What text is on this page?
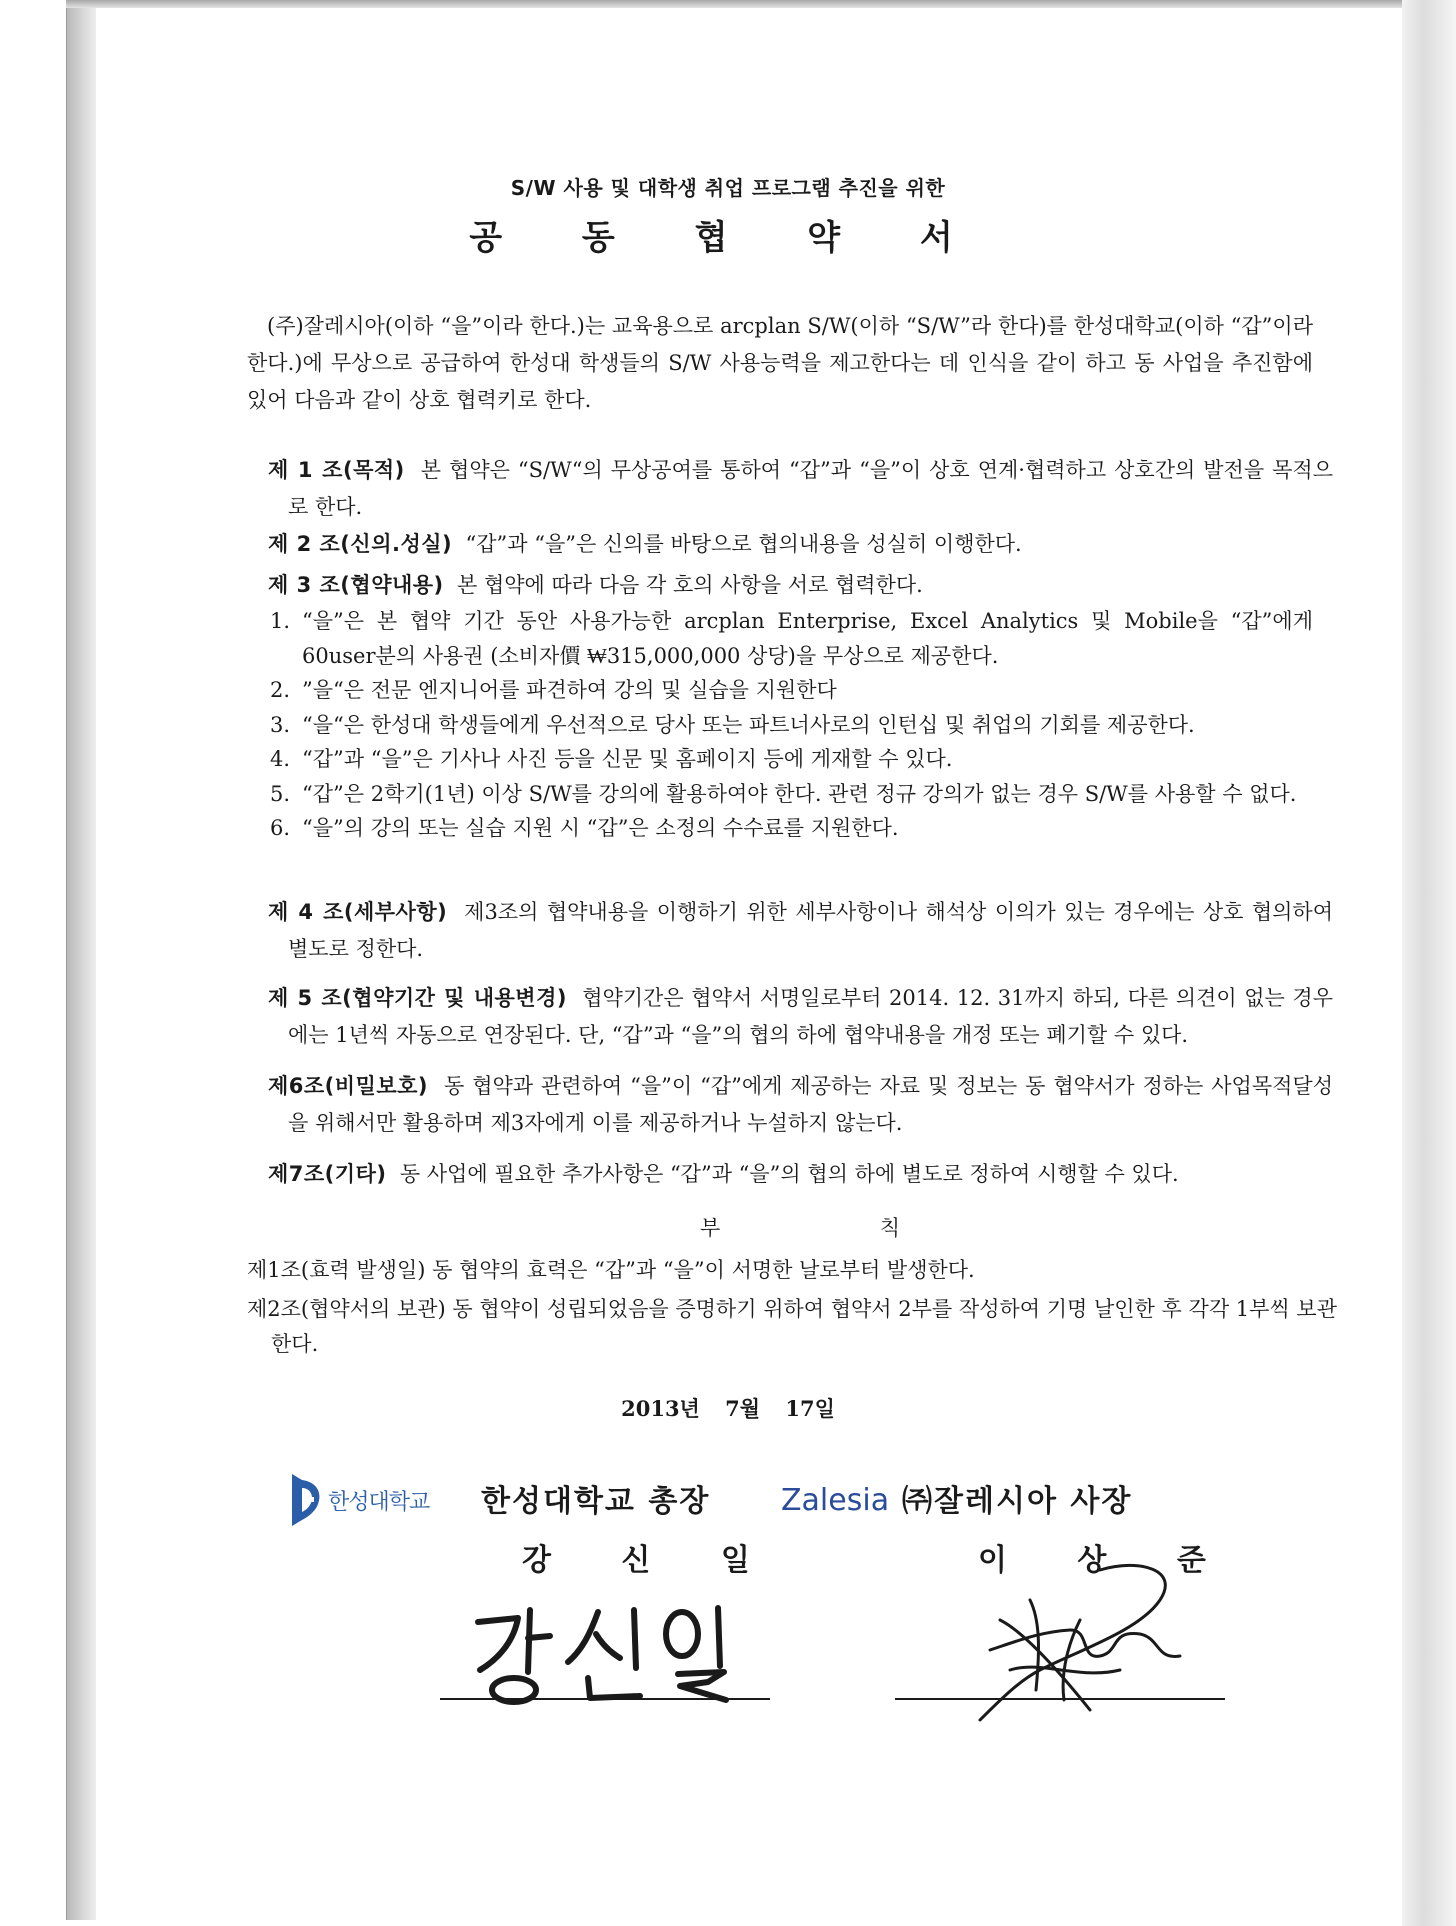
S/W 사용 및 대학생 취업 프로그램 추진을 위한
공 동 협 약 서

(주)잘레시아(이하 “을”이라 한다.)는 교육용으로 arcplan S/W(이하 “S/W”라 한다)를 한성대학교(이하 “갑”이라 한다.)에 무상으로 공급하여 한성대 학생들의 S/W 사용능력을 제고한다는 데 인식을 같이 하고 동 사업을 추진함에 있어 다음과 같이 상호 협력키로 한다.

제 1 조(목적) 본 협약은 “S/W“의 무상공여를 통하여 “갑”과 “을”이 상호 연계·협력하고 상호간의 발전을 목적으로 한다.

제 2 조(신의.성실) “갑”과 “을”은 신의를 바탕으로 협의내용을 성실히 이행한다.

제 3 조(협약내용) 본 협약에 따라 다음 각 호의 사항을 서로 협력한다.

1. “을”은 본 협약 기간 동안 사용가능한 arcplan Enterprise, Excel Analytics 및 Mobile을 “갑”에게 60user분의 사용권 (소비자價 ₩315,000,000 상당)을 무상으로 제공한다.
2. ”을“은 전문 엔지니어를 파견하여 강의 및 실습을 지원한다
3. “을“은 한성대 학생들에게 우선적으로 당사 또는 파트너사로의 인턴십 및 취업의 기회를 제공한다.
4. “갑”과 “을”은 기사나 사진 등을 신문 및 홈페이지 등에 게재할 수 있다.
5. “갑”은 2학기(1년) 이상 S/W를 강의에 활용하여야 한다. 관련 정규 강의가 없는 경우 S/W를 사용할 수 없다.
6. “을”의 강의 또는 실습 지원 시 “갑”은 소정의 수수료를 지원한다.

제 4 조(세부사항) 제3조의 협약내용을 이행하기 위한 세부사항이나 해석상 이의가 있는 경우에는 상호 협의하여 별도로 정한다.

제 5 조(협약기간 및 내용변경) 협약기간은 협약서 서명일로부터 2014. 12. 31까지 하되, 다른 의견이 없는 경우에는 1년씩 자동으로 연장된다. 단, “갑”과 “을”의 협의 하에 협약내용을 개정 또는 폐기할 수 있다.

제6조(비밀보호) 동 협약과 관련하여 “을”이 “갑”에게 제공하는 자료 및 정보는 동 협약서가 정하는 사업목적달성을 위해서만 활용하며 제3자에게 이를 제공하거나 누설하지 않는다.

제7조(기타) 동 사업에 필요한 추가사항은 “갑”과 “을”의 협의 하에 별도로 정하여 시행할 수 있다.

부	칙

제1조(효력 발생일) 동 협약의 효력은 “갑”과 “을”이 서명한 날로부터 발생한다.

제2조(협약서의 보관) 동 협약이 성립되었음을 증명하기 위하여 협약서 2부를 작성하여 기명 날인한 후 각각 1부씩 보관한다.

2013년 7월 17일
한성대학교 한성대학교 총장
강 신 일
Zalesia ㈜잘레시아 사장
이 상 준
